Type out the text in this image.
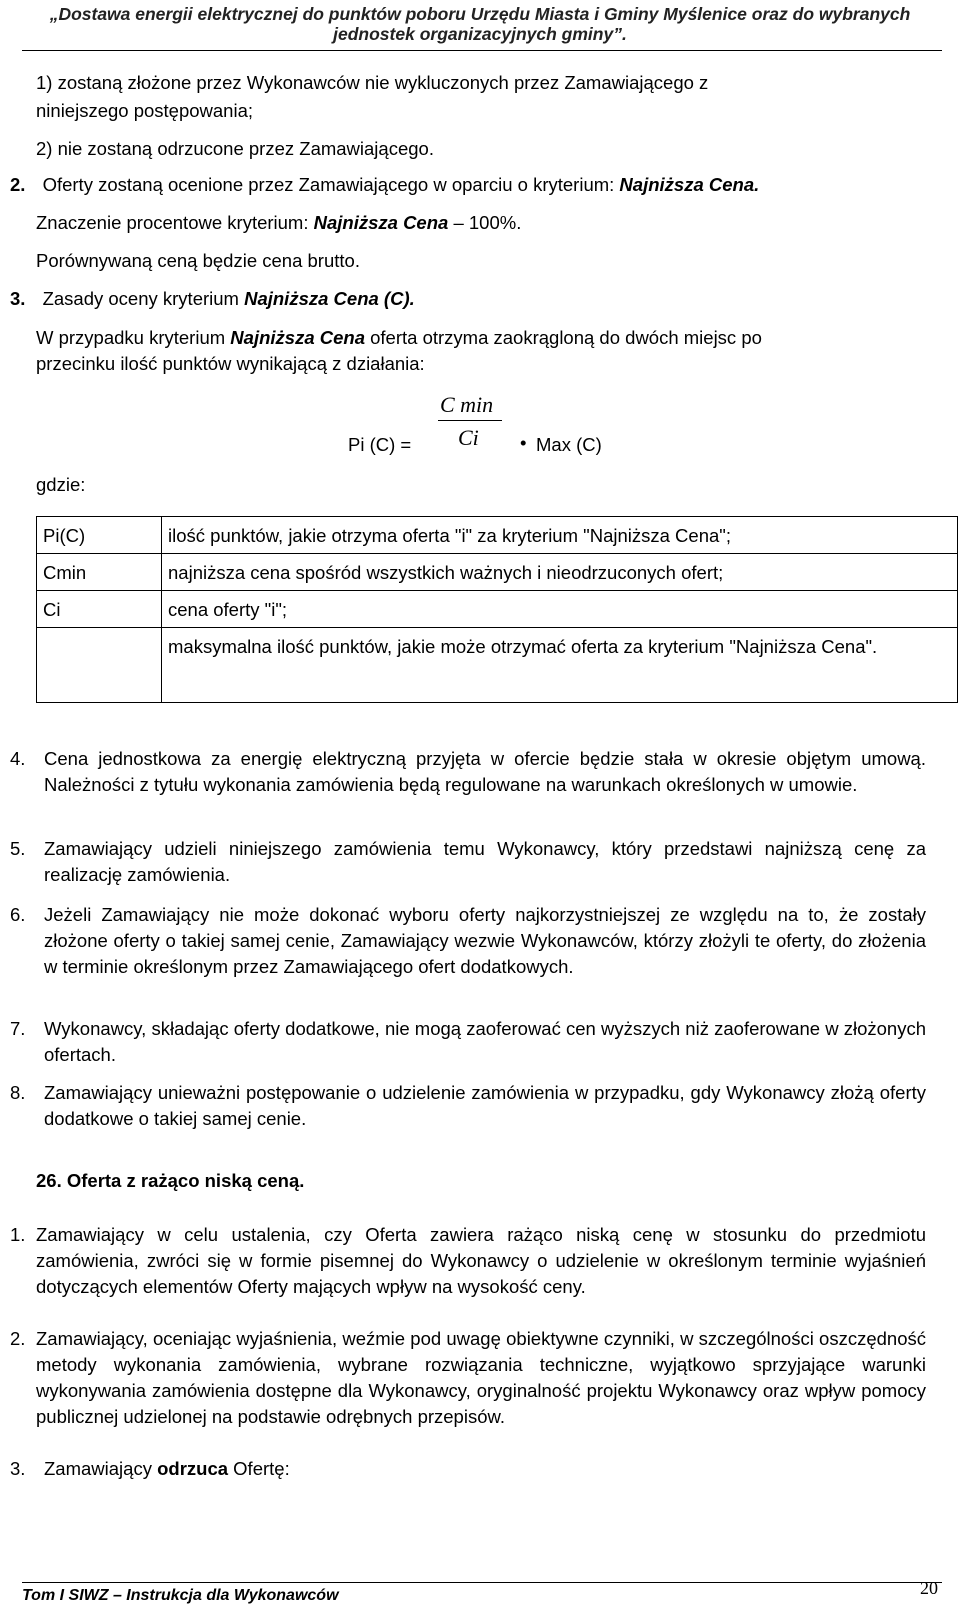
„Dostawa energii elektrycznej do punktów poboru Urzędu Miasta i Gminy Myślenice oraz do wybranych
jednostek organizacyjnych gminy”.
1) zostaną złożone przez Wykonawców nie wykluczonych przez Zamawiającego z
niniejszego postępowania;
2) nie zostaną odrzucone przez Zamawiającego.
2. Oferty zostaną ocenione przez Zamawiającego w oparciu o kryterium: Najniższa Cena.
Znaczenie procentowe kryterium: Najniższa Cena – 100%.
Porównywaną ceną będzie cena brutto.
3. Zasady oceny kryterium Najniższa Cena (C).
W przypadku kryterium Najniższa Cena oferta otrzyma zaokrągloną do dwóch miejsc po
przecinku ilość punktów wynikającą z działania:
C min
Ci
Pi (C) =	• Max (C)
gdzie:
Pi(C)	ilość punktów, jakie otrzyma oferta "i" za kryterium "Najniższa Cena";
Cmin	najniższa cena spośród wszystkich ważnych i nieodrzuconych ofert;
Ci	cena oferty "i";
	maksymalna ilość punktów, jakie może otrzymać oferta za kryterium "Najniższa Cena".
4. Cena jednostkowa za energię elektryczną przyjęta w ofercie będzie stała w okresie objętym umową. Należności z tytułu wykonania zamówienia będą regulowane na warunkach określonych w umowie.
5. Zamawiający udzieli niniejszego zamówienia temu Wykonawcy, który przedstawi najniższą cenę za realizację zamówienia.
6. Jeżeli Zamawiający nie może dokonać wyboru oferty najkorzystniejszej ze względu na to, że zostały złożone oferty o takiej samej cenie, Zamawiający wezwie Wykonawców, którzy złożyli te oferty, do złożenia w terminie określonym przez Zamawiającego ofert dodatkowych.
7. Wykonawcy, składając oferty dodatkowe, nie mogą zaoferować cen wyższych niż zaoferowane w złożonych ofertach.
8. Zamawiający unieważni postępowanie o udzielenie zamówienia w przypadku, gdy Wykonawcy złożą oferty dodatkowe o takiej samej cenie.
26. Oferta z rażąco niską ceną.
1. Zamawiający w celu ustalenia, czy Oferta zawiera rażąco niską cenę w stosunku do przedmiotu zamówienia, zwróci się w formie pisemnej do Wykonawcy o udzielenie w określonym terminie wyjaśnień dotyczących elementów Oferty mających wpływ na wysokość ceny.
2. Zamawiający, oceniając wyjaśnienia, weźmie pod uwagę obiektywne czynniki, w szczególności oszczędność metody wykonania zamówienia, wybrane rozwiązania techniczne, wyjątkowo sprzyjające warunki wykonywania zamówienia dostępne dla Wykonawcy, oryginalność projektu Wykonawcy oraz wpływ pomocy publicznej udzielonej na podstawie odrębnych przepisów.
3. Zamawiający odrzuca Ofertę:
Tom I SIWZ – Instrukcja dla Wykonawców	20
